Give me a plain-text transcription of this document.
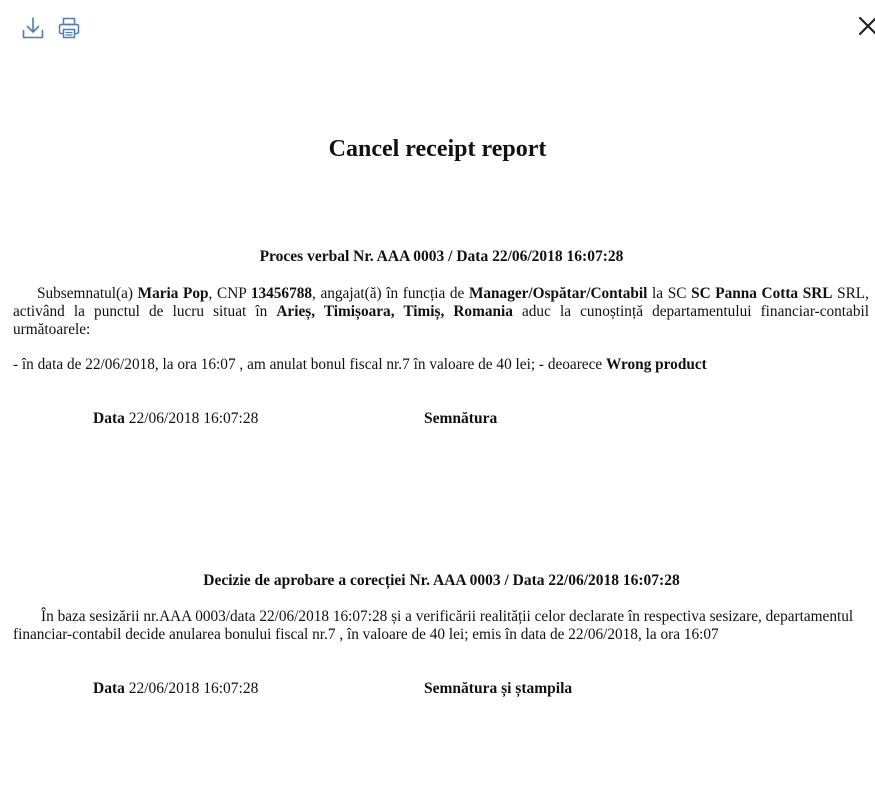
Cancel receipt report
Proces verbal Nr. AAA 0003 / Data 22/06/2018 16:07:28
Subsemnatul(a) Maria Pop, CNP 13456788, angajat(ă) în funcția de Manager/Ospătar/Contabil la SC SC Panna Cotta SRL SRL, activând la punctul de lucru situat în Arieș, Timișoara, Timiș, Romania aduc la cunoștință departamentului financiar-contabil următoarele:
- în data de 22/06/2018, la ora 16:07 , am anulat bonul fiscal nr.7 în valoare de 40 lei; - deoarece Wrong product
Data 22/06/2018 16:07:28	Semnătura
Decizie de aprobare a corecției Nr. AAA 0003 / Data 22/06/2018 16:07:28
În baza sesizării nr.AAA 0003/data 22/06/2018 16:07:28 și a verificării realității celor declarate în respectiva sesizare, departamentul financiar-contabil decide anularea bonului fiscal nr.7 , în valoare de 40 lei; emis în data de 22/06/2018, la ora 16:07
Data 22/06/2018 16:07:28	Semnătura și ștampila
